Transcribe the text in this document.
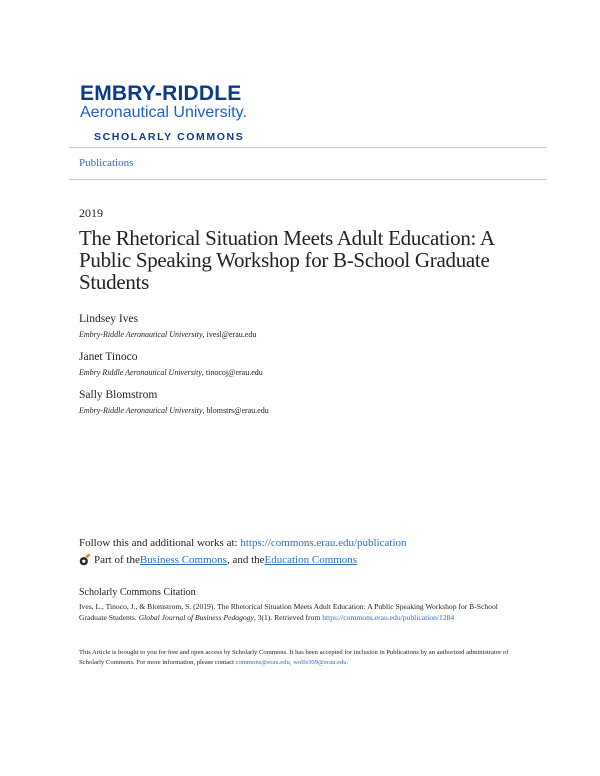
EMBRY-RIDDLE
Aeronautical University.
SCHOLARLY COMMONS
Publications
2019
The Rhetorical Situation Meets Adult Education: A Public Speaking Workshop for B-School Graduate Students
Lindsey Ives
Embry-Riddle Aeronautical University, ivesl@erau.edu
Janet Tinoco
Embry Riddle Aeronautical University, tinocoj@erau.edu
Sally Blomstrom
Embry-Riddle Aeronautical University, blomstrs@erau.edu
Follow this and additional works at: https://commons.erau.edu/publication
Part of the Business Commons , and the Education Commons
Scholarly Commons Citation
Ives, L., Tinoco, J., & Blomstrom, S. (2019). The Rhetorical Situation Meets Adult Education: A Public Speaking Workshop for B-School Graduate Students. Global Journal of Business Pedagogy, 3(1). Retrieved from https://commons.erau.edu/publication/1284
This Article is brought to you for free and open access by Scholarly Commons. It has been accepted for inclusion in Publications by an authorized administrator of Scholarly Commons. For more information, please contact commons@erau.edu, wolfe309@erau.edu.
